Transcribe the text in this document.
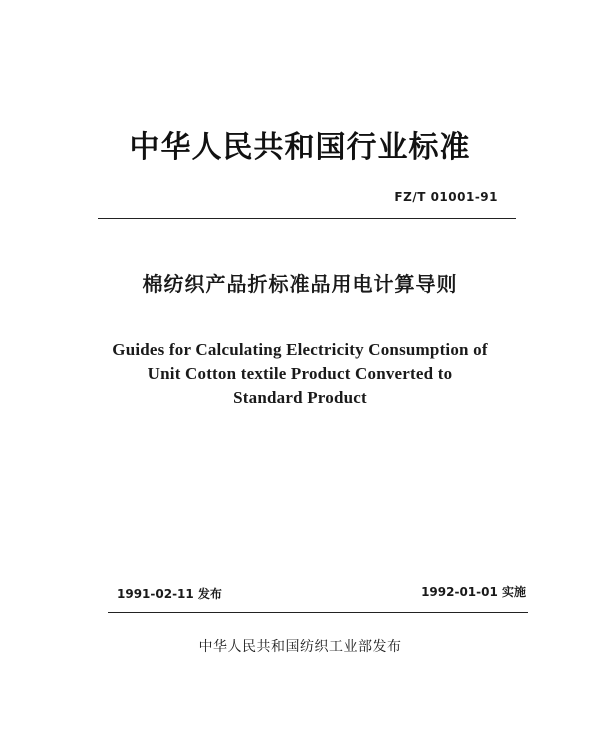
中华人民共和国行业标准
FZ/T 01001-91
棉纺织产品折标准品用电计算导则
Guides for Calculating Electricity Consumption of
Unit Cotton textile Product Converted to
Standard Product
1991-02-11 发布	1992-01-01 实施
中华人民共和国纺织工业部发布
